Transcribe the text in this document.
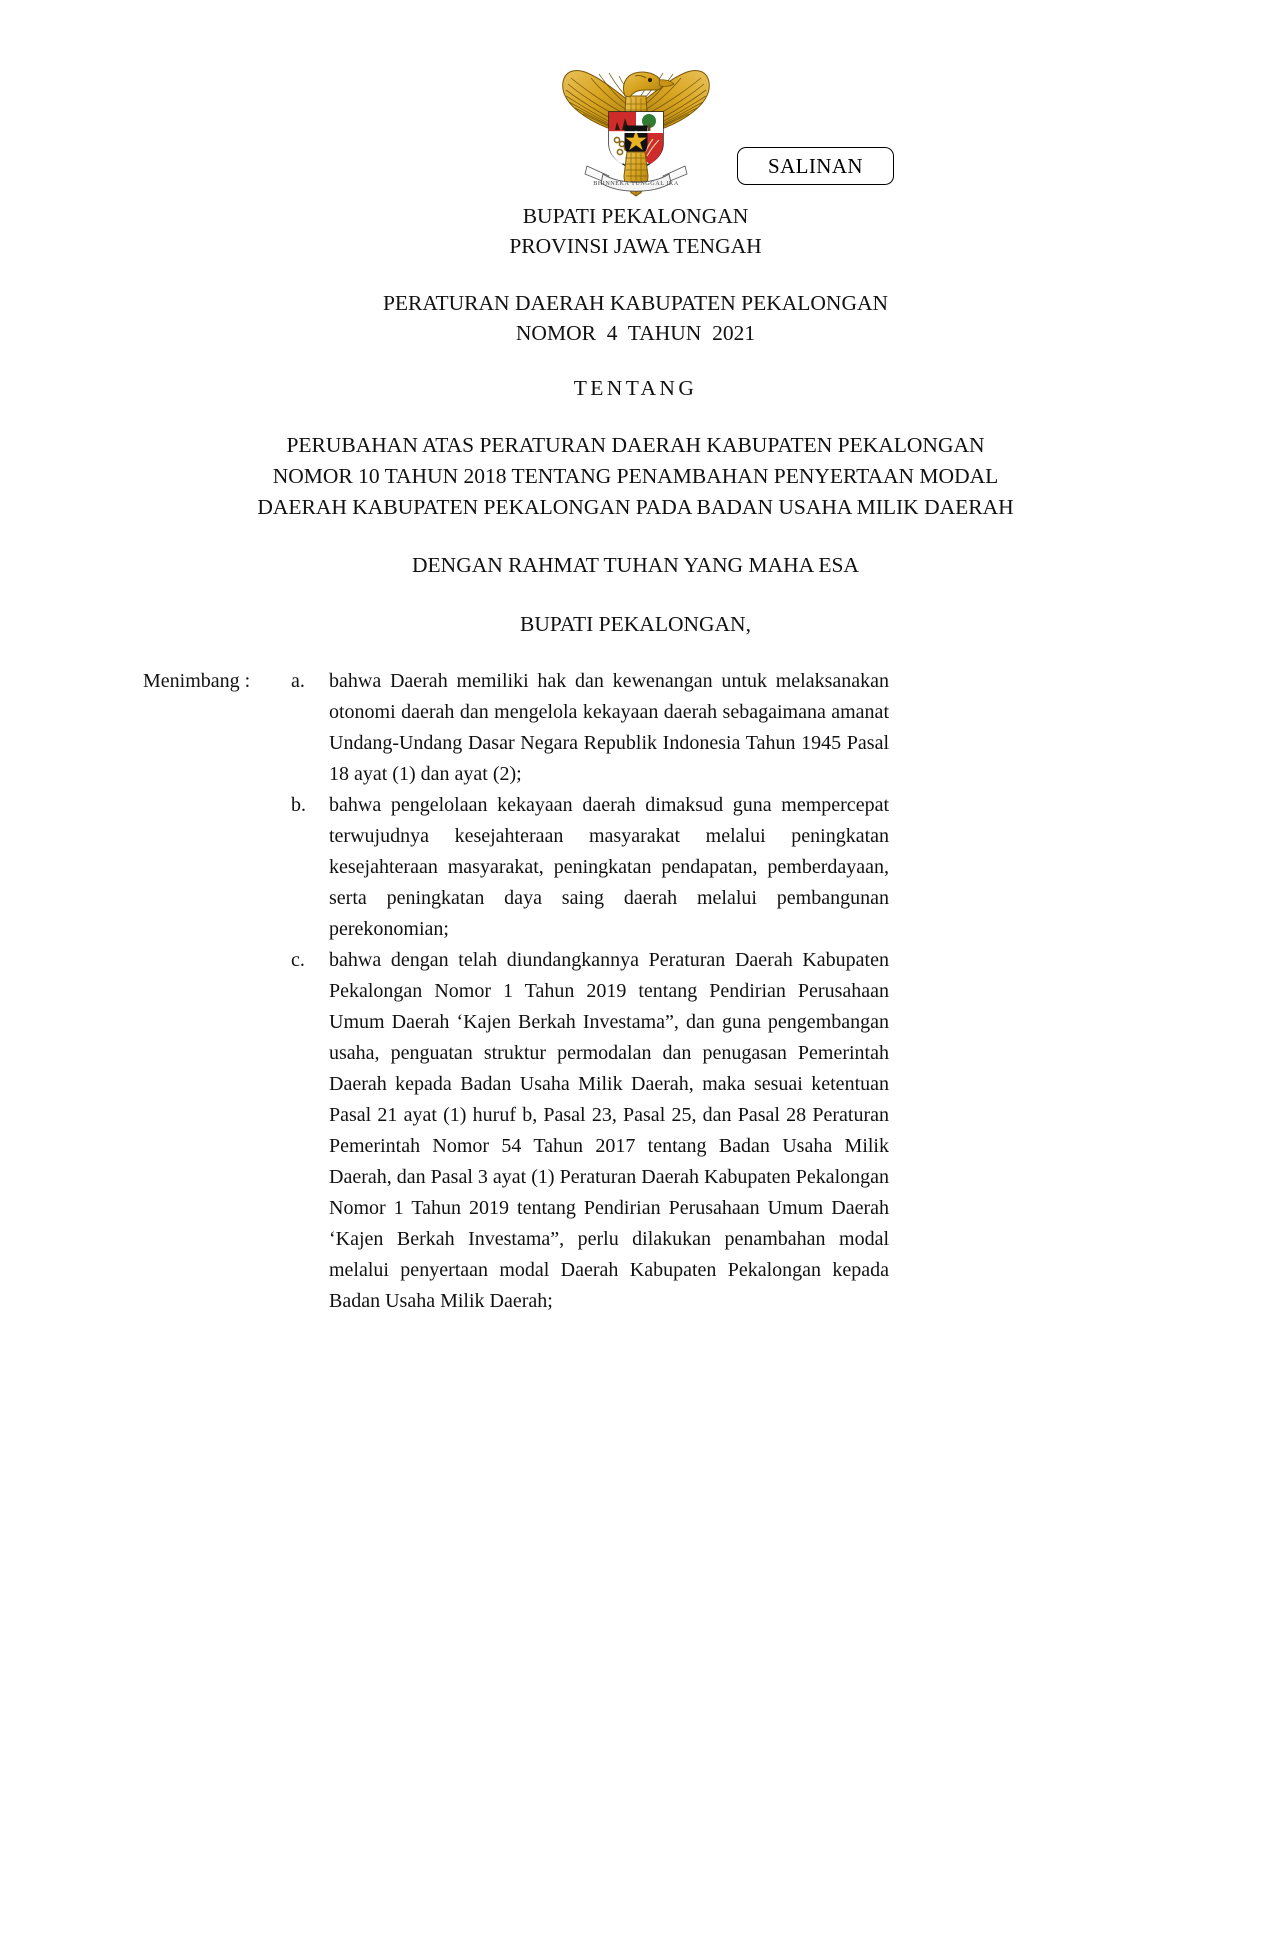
BHINNEKA TUNGGAL IKA
SALINAN
BUPATI PEKALONGAN
PROVINSI JAWA TENGAH
PERATURAN DAERAH KABUPATEN PEKALONGAN
NOMOR  4  TAHUN  2021
TENTANG
PERUBAHAN ATAS PERATURAN DAERAH KABUPATEN PEKALONGAN
NOMOR 10 TAHUN 2018 TENTANG PENAMBAHAN PENYERTAAN MODAL
DAERAH KABUPATEN PEKALONGAN PADA BADAN USAHA MILIK DAERAH
DENGAN RAHMAT TUHAN YANG MAHA ESA
BUPATI PEKALONGAN,
Menimbang :	a.	bahwa Daerah memiliki hak dan kewenangan untuk melaksanakan otonomi daerah dan mengelola kekayaan daerah sebagaimana amanat Undang-Undang Dasar Negara Republik Indonesia Tahun 1945 Pasal 18 ayat (1) dan ayat (2);
b.	bahwa pengelolaan kekayaan daerah dimaksud guna mempercepat terwujudnya kesejahteraan masyarakat melalui peningkatan kesejahteraan masyarakat, peningkatan pendapatan, pemberdayaan, serta peningkatan daya saing daerah melalui pembangunan perekonomian;
c.	bahwa dengan telah diundangkannya Peraturan Daerah Kabupaten Pekalongan Nomor 1 Tahun 2019 tentang Pendirian Perusahaan Umum Daerah ‘Kajen Berkah Investama”, dan guna pengembangan usaha, penguatan struktur permodalan dan penugasan Pemerintah Daerah kepada Badan Usaha Milik Daerah, maka sesuai ketentuan Pasal 21 ayat (1) huruf b, Pasal 23, Pasal 25, dan Pasal 28 Peraturan Pemerintah Nomor 54 Tahun 2017 tentang Badan Usaha Milik Daerah, dan Pasal 3 ayat (1) Peraturan Daerah Kabupaten Pekalongan Nomor 1 Tahun 2019 tentang Pendirian Perusahaan Umum Daerah ‘Kajen Berkah Investama”, perlu dilakukan penambahan modal melalui penyertaan modal Daerah Kabupaten Pekalongan kepada Badan Usaha Milik Daerah;
